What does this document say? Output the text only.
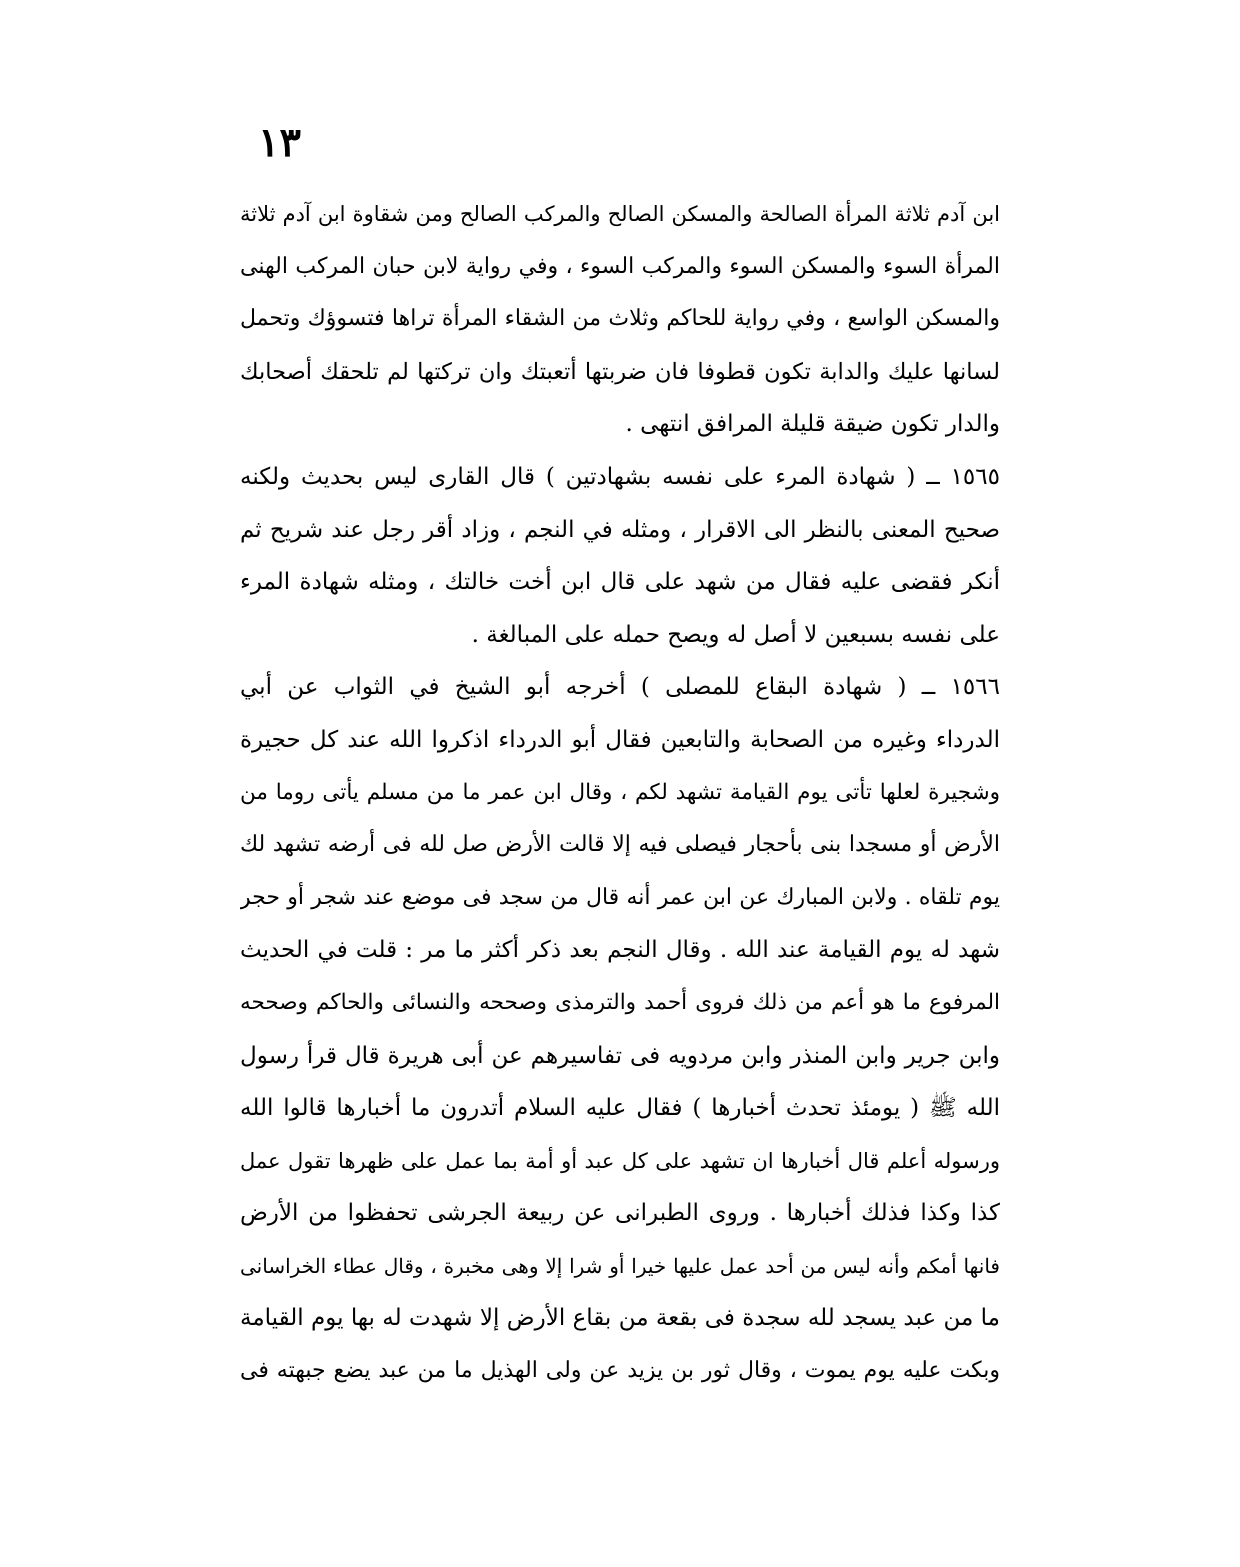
١٣
ابن آدم ثلاثة المرأة الصالحة والمسكن الصالح والمركب الصالح ومن شقاوة ابن آدم ثلاثة
المرأة السوء والمسكن السوء والمركب السوء ، وفي رواية لابن حبان المركب الهنى
والمسكن الواسع ، وفي رواية للحاكم وثلاث من الشقاء المرأة تراها فتسوؤك وتحمل
لسانها عليك والدابة تكون قطوفا فان ضربتها أتعبتك وان تركتها لم تلحقك أصحابك
والدار تكون ضيقة قليلة المرافق انتهى .
١٥٦٥ ــ ( شهادة المرء على نفسه بشهادتين ) قال القارى ليس بحديث ولكنه
صحيح المعنى بالنظر الى الاقرار ، ومثله في النجم ، وزاد أقر رجل عند شريح ثم
أنكر فقضى عليه فقال من شهد على قال ابن أخت خالتك ، ومثله شهادة المرء
على نفسه بسبعين لا أصل له ويصح حمله على المبالغة .
١٥٦٦ ــ ( شهادة البقاع للمصلى ) أخرجه أبو الشيخ في الثواب عن أبي
الدرداء وغيره من الصحابة والتابعين فقال أبو الدرداء اذكروا الله عند كل حجيرة
وشجيرة لعلها تأتى يوم القيامة تشهد لكم ، وقال ابن عمر ما من مسلم يأتى روما من
الأرض أو مسجدا بنى بأحجار فيصلى فيه إلا قالت الأرض صل لله فى أرضه تشهد لك
يوم تلقاه . ولابن المبارك عن ابن عمر أنه قال من سجد فى موضع عند شجر أو حجر
شهد له يوم القيامة عند الله . وقال النجم بعد ذكر أكثر ما مر : قلت في الحديث
المرفوع ما هو أعم من ذلك فروى أحمد والترمذى وصححه والنسائى والحاكم وصححه
وابن جرير وابن المنذر وابن مردويه فى تفاسيرهم عن أبى هريرة قال قرأ رسول
الله ﷺ ( يومئذ تحدث أخبارها ) فقال عليه السلام أتدرون ما أخبارها قالوا الله
ورسوله أعلم قال أخبارها ان تشهد على كل عبد أو أمة بما عمل على ظهرها تقول عمل
كذا وكذا فذلك أخبارها . وروى الطبرانى عن ربيعة الجرشى تحفظوا من الأرض
فانها أمكم وأنه ليس من أحد عمل عليها خيرا أو شرا إلا وهى مخبرة ، وقال عطاء الخراسانى
ما من عبد يسجد لله سجدة فى بقعة من بقاع الأرض إلا شهدت له بها يوم القيامة
وبكت عليه يوم يموت ، وقال ثور بن يزيد عن ولى الهذيل ما من عبد يضع جبهته فى
